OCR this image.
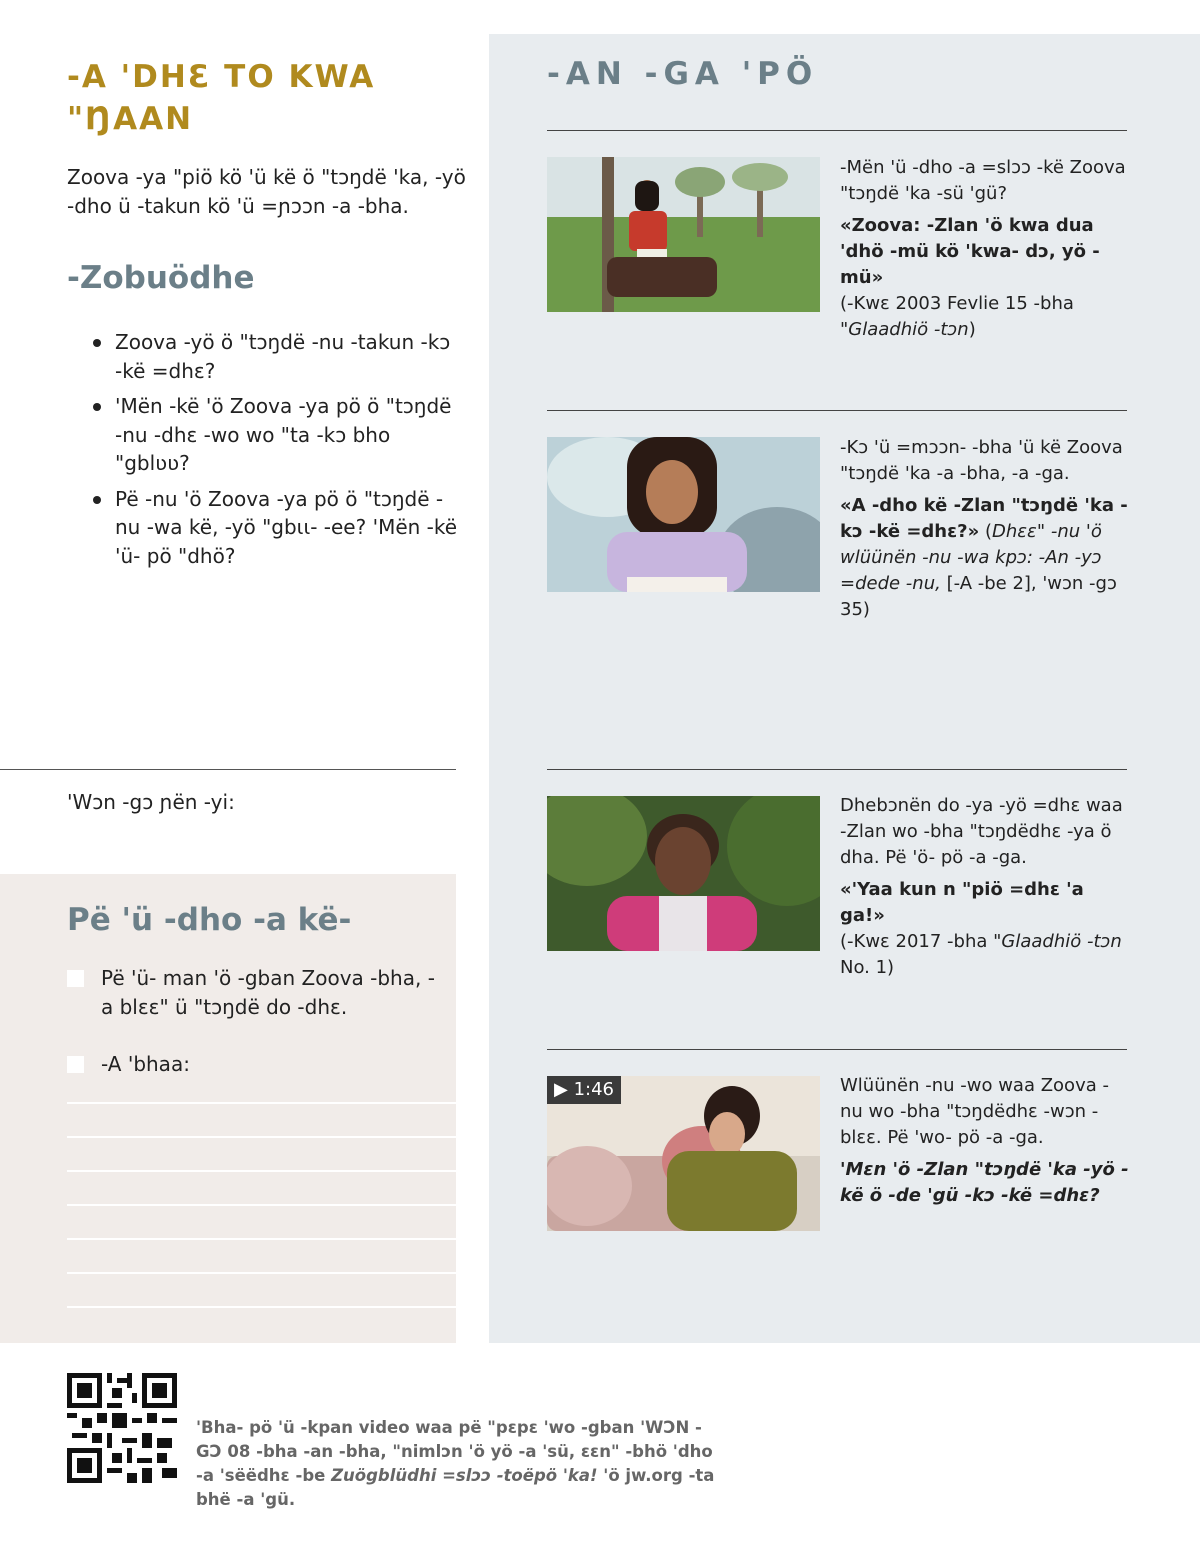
-A 'DHƐ TO KWA "ŊAAN

Zoova -ya "piö kö 'ü kë ö "tɔŋdë 'ka, -yö -dho ü -takun kö 'ü =ɲɔɔn -a -bha.

-Zobuödhe
Zoova -yö ö "tɔŋdë -nu -takun -kɔ -kë =dhɛ?
'Mën -kë 'ö Zoova -ya pö ö "tɔŋdë -nu -dhɛ -wo wo "ta -kɔ bho "gblʋʋ?
Pë -nu 'ö Zoova -ya pö ö "tɔŋdë -nu -wa kë, -yö "gbɩɩ- -ee? 'Mën -kë 'ü- pö "dhö?
'Wɔn -gɔ ɲën -yi:
Pë 'ü -dho -a kë-
Pë 'ü- man 'ö -gban Zoova -bha, -a blɛɛ" ü "tɔŋdë do -dhɛ.
-A 'bhaa:
-AN -GA 'PÖ
-Mën 'ü -dho -a =slɔɔ -kë Zoova "tɔŋdë 'ka -sü 'gü?
«Zoova: -Zlan 'ö kwa dua 'dhö -mü kö 'kwa- dɔ, yö -mü»
(-Kwɛ 2003 Fevlie 15 -bha "Glaadhiö -tɔn)
-Kɔ 'ü =mɔɔn- -bha 'ü kë Zoova "tɔŋdë 'ka -a -bha, -a -ga.
«A -dho kë -Zlan "tɔŋdë 'ka -kɔ -kë =dhɛ?» (Dhɛɛ" -nu 'ö wlüünën -nu -wa kpɔ: -An -yɔ =dede -nu, [-A -be 2], 'wɔn -gɔ 35)
Dhebɔnën do -ya -yö =dhɛ waa -Zlan wo -bha "tɔŋdëdhɛ -ya ö dha. Pë 'ö- pö -a -ga.
«'Yaa kun n "piö =dhɛ 'a ga!»
(-Kwɛ 2017 -bha "Glaadhiö -tɔn No. 1)
▶ 1:46	Wlüünën -nu -wo waa Zoova -nu wo -bha "tɔŋdëdhɛ -wɔn -blɛɛ. Pë 'wo- pö -a -ga.
'Mɛn 'ö -Zlan "tɔŋdë 'ka -yö -kë ö -de 'gü -kɔ -kë =dhɛ?
'Bha- pö 'ü -kpan video waa pë "pɛpɛ 'wo -gban 'WƆN -GƆ 08 -bha -an -bha, "nimlɔn 'ö yö -a 'sü, ɛɛn" -bhö 'dho -a 'sëëdhɛ -be Zuögblüdhi =slɔɔ -toëpö 'ka! 'ö jw.org -ta bhë -a 'gü.
